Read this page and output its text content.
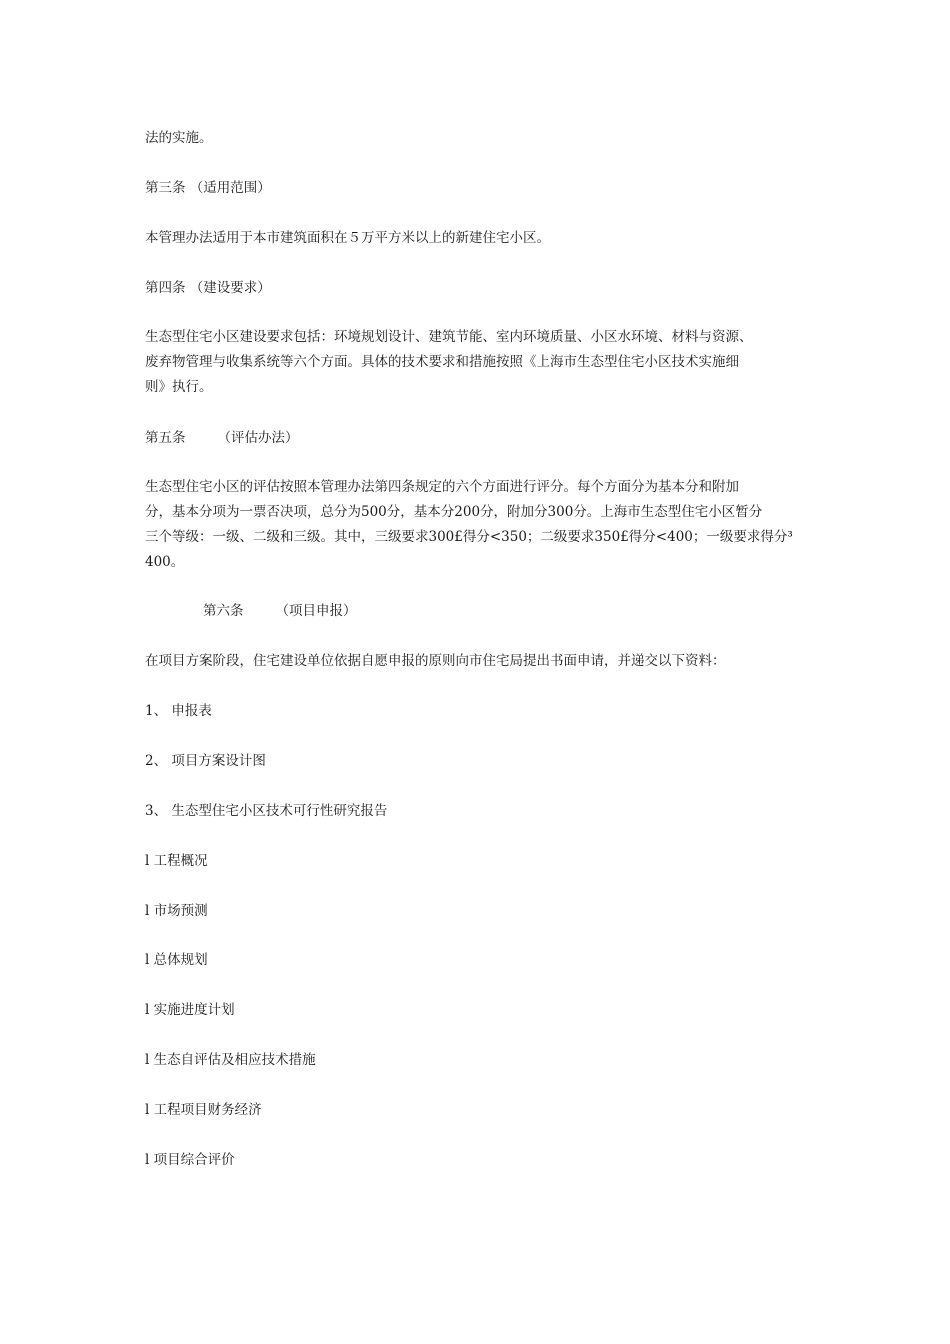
法的实施。
第三条 （适用范围）
本管理办法适用于本市建筑面积在５万平方米以上的新建住宅小区。
第四条 （建设要求）
生态型住宅小区建设要求包括：环境规划设计、建筑节能、室内环境质量、小区水环境、材料与资源、
废弃物管理与收集系统等六个方面。具体的技术要求和措施按照《上海市生态型住宅小区技术实施细
则》执行。
第五条 （评估办法）
生态型住宅小区的评估按照本管理办法第四条规定的六个方面进行评分。每个方面分为基本分和附加
分，基本分项为一票否决项，总分为500分，基本分200分，附加分300分。上海市生态型住宅小区暂分
三个等级：一级、二级和三级。其中，三级要求300£得分<350；二级要求350£得分<400；一级要求得分³
400。
第六条 （项目申报）
在项目方案阶段，住宅建设单位依据自愿申报的原则向市住宅局提出书面申请，并递交以下资料：
1、 申报表
2、 项目方案设计图
3、 生态型住宅小区技术可行性研究报告
l 工程概况
l 市场预测
l 总体规划
l 实施进度计划
l 生态自评估及相应技术措施
l 工程项目财务经济
l 项目综合评价
